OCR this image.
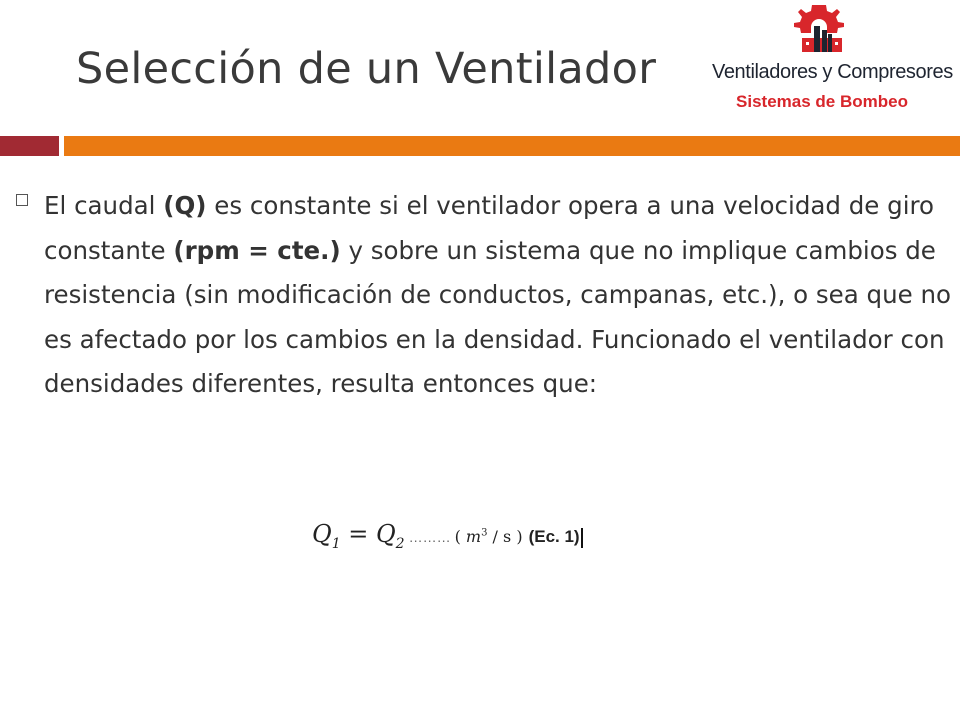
Selección de un Ventilador	Ventiladores y Compresores
Sistemas de Bombeo
El caudal (Q) es constante si el ventilador opera a una velocidad de giro constante (rpm = cte.) y sobre un sistema que no implique cambios de resistencia (sin modificación de conductos, campanas, etc.), o sea que no es afectado por los cambios en la densidad. Funcionado el ventilador con densidades diferentes, resulta entonces que:
$Q_1 = Q_2$ ……… ( $m^3$ / s ) (Ec. 1)
